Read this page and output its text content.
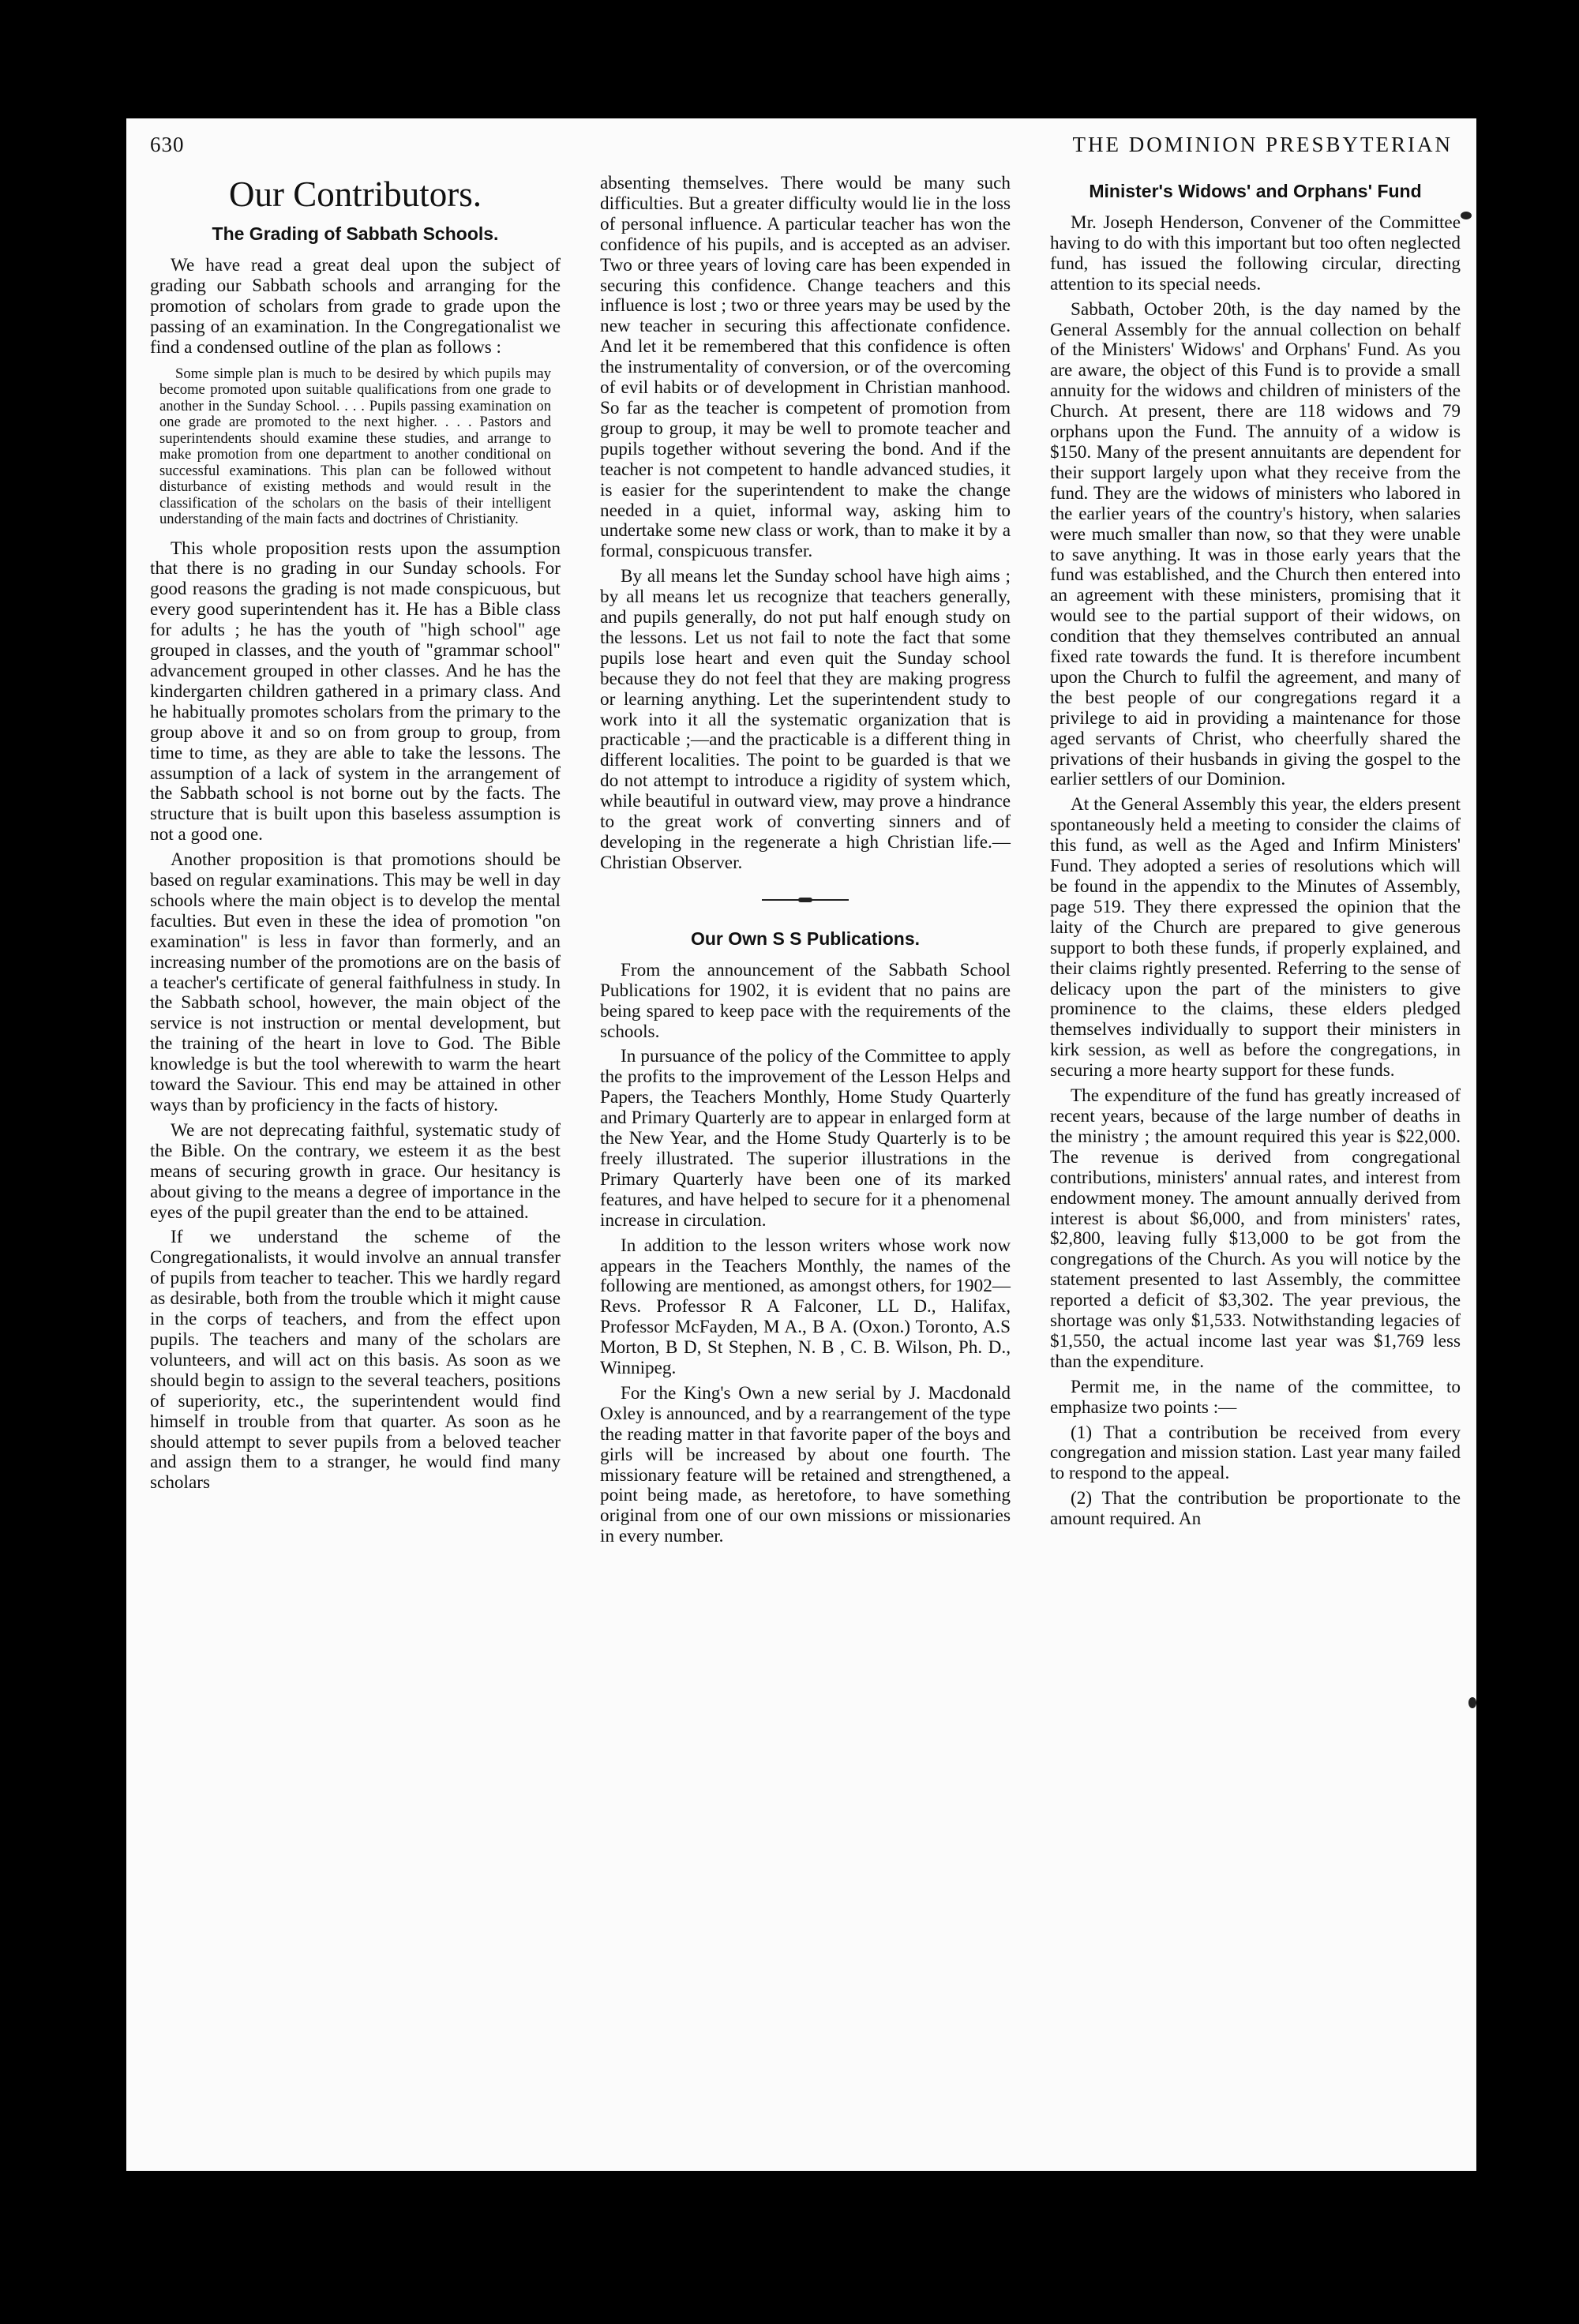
630	THE DOMINION PRESBYTERIAN
Our Contributors.
The Grading of Sabbath Schools.

We have read a great deal upon the subject of grading our Sabbath schools and arranging for the promotion of scholars from grade to grade upon the passing of an examination. In the Congregationalist we find a condensed outline of the plan as follows :

Some simple plan is much to be desired by which pupils may become promoted upon suitable qualifications from one grade to another in the Sunday School. . . . Pupils passing examination on one grade are promoted to the next higher. . . . Pastors and superintendents should examine these studies, and arrange to make promotion from one department to another conditional on successful examinations. This plan can be followed without disturbance of existing methods and would result in the classification of the scholars on the basis of their intelligent understanding of the main facts and doctrines of Christianity.

This whole proposition rests upon the assumption that there is no grading in our Sunday schools. For good reasons the grading is not made conspicuous, but every good superintendent has it. He has a Bible class for adults ; he has the youth of "high school" age grouped in classes, and the youth of "grammar school" advancement grouped in other classes. And he has the kindergarten children gathered in a primary class. And he habitually promotes scholars from the primary to the group above it and so on from group to group, from time to time, as they are able to take the lessons. The assumption of a lack of system in the arrangement of the Sabbath school is not borne out by the facts. The structure that is built upon this baseless assumption is not a good one.

Another proposition is that promotions should be based on regular examinations. This may be well in day schools where the main object is to develop the mental faculties. But even in these the idea of promotion "on examination" is less in favor than formerly, and an increasing number of the promotions are on the basis of a teacher's certificate of general faithfulness in study. In the Sabbath school, however, the main object of the service is not instruction or mental development, but the training of the heart in love to God. The Bible knowledge is but the tool wherewith to warm the heart toward the Saviour. This end may be attained in other ways than by proficiency in the facts of history.

We are not deprecating faithful, systematic study of the Bible. On the contrary, we esteem it as the best means of securing growth in grace. Our hesitancy is about giving to the means a degree of importance in the eyes of the pupil greater than the end to be attained.

If we understand the scheme of the Congregationalists, it would involve an annual transfer of pupils from teacher to teacher. This we hardly regard as desirable, both from the trouble which it might cause in the corps of teachers, and from the effect upon pupils. The teachers and many of the scholars are volunteers, and will act on this basis. As soon as we should begin to assign to the several teachers, positions of superiority, etc., the superintendent would find himself in trouble from that quarter. As soon as he should attempt to sever pupils from a beloved teacher and assign them to a stranger, he would find many scholars

absenting themselves. There would be many such difficulties. But a greater difficulty would lie in the loss of personal influence. A particular teacher has won the confidence of his pupils, and is accepted as an adviser. Two or three years of loving care has been expended in securing this confidence. Change teachers and this influence is lost ; two or three years may be used by the new teacher in securing this affectionate confidence. And let it be remembered that this confidence is often the instrumentality of conversion, or of the overcoming of evil habits or of development in Christian manhood. So far as the teacher is competent of promotion from group to group, it may be well to promote teacher and pupils together without severing the bond. And if the teacher is not competent to handle advanced studies, it is easier for the superintendent to make the change needed in a quiet, informal way, asking him to undertake some new class or work, than to make it by a formal, conspicuous transfer.

By all means let the Sunday school have high aims ; by all means let us recognize that teachers generally, and pupils generally, do not put half enough study on the lessons. Let us not fail to note the fact that some pupils lose heart and even quit the Sunday school because they do not feel that they are making progress or learning anything. Let the superintendent study to work into it all the systematic organization that is practicable ;—and the practicable is a different thing in different localities. The point to be guarded is that we do not attempt to introduce a rigidity of system which, while beautiful in outward view, may prove a hindrance to the great work of converting sinners and of developing in the regenerate a high Christian life.—Christian Observer.

Our Own S S Publications.

From the announcement of the Sabbath School Publications for 1902, it is evident that no pains are being spared to keep pace with the requirements of the schools.

In pursuance of the policy of the Committee to apply the profits to the improvement of the Lesson Helps and Papers, the Teachers Monthly, Home Study Quarterly and Primary Quarterly are to appear in enlarged form at the New Year, and the Home Study Quarterly is to be freely illustrated. The superior illustrations in the Primary Quarterly have been one of its marked features, and have helped to secure for it a phenomenal increase in circulation.

In addition to the lesson writers whose work now appears in the Teachers Monthly, the names of the following are mentioned, as amongst others, for 1902—Revs. Professor R A Falconer, LL D., Halifax, Professor McFayden, M A., B A. (Oxon.) Toronto, A.S Morton, B D, St Stephen, N. B , C. B. Wilson, Ph. D., Winnipeg.

For the King's Own a new serial by J. Macdonald Oxley is announced, and by a rearrangement of the type the reading matter in that favorite paper of the boys and girls will be increased by about one fourth. The missionary feature will be retained and strengthened, a point being made, as heretofore, to have something original from one of our own missions or missionaries in every number.

Minister's Widows' and Orphans' Fund

Mr. Joseph Henderson, Convener of the Committee having to do with this important but too often neglected fund, has issued the following circular, directing attention to its special needs.

Sabbath, October 20th, is the day named by the General Assembly for the annual collection on behalf of the Ministers' Widows' and Orphans' Fund. As you are aware, the object of this Fund is to provide a small annuity for the widows and children of ministers of the Church. At present, there are 118 widows and 79 orphans upon the Fund. The annuity of a widow is $150. Many of the present annuitants are dependent for their support largely upon what they receive from the fund. They are the widows of ministers who labored in the earlier years of the country's history, when salaries were much smaller than now, so that they were unable to save anything. It was in those early years that the fund was established, and the Church then entered into an agreement with these ministers, promising that it would see to the partial support of their widows, on condition that they themselves contributed an annual fixed rate towards the fund. It is therefore incumbent upon the Church to fulfil the agreement, and many of the best people of our congregations regard it a privilege to aid in providing a maintenance for those aged servants of Christ, who cheerfully shared the privations of their husbands in giving the gospel to the earlier settlers of our Dominion.

At the General Assembly this year, the elders present spontaneously held a meeting to consider the claims of this fund, as well as the Aged and Infirm Ministers' Fund. They adopted a series of resolutions which will be found in the appendix to the Minutes of Assembly, page 519. They there expressed the opinion that the laity of the Church are prepared to give generous support to both these funds, if properly explained, and their claims rightly presented. Referring to the sense of delicacy upon the part of the ministers to give prominence to the claims, these elders pledged themselves individually to support their ministers in kirk session, as well as before the congregations, in securing a more hearty support for these funds.

The expenditure of the fund has greatly increased of recent years, because of the large number of deaths in the ministry ; the amount required this year is $22,000. The revenue is derived from congregational contributions, ministers' annual rates, and interest from endowment money. The amount annually derived from interest is about $6,000, and from ministers' rates, $2,800, leaving fully $13,000 to be got from the congregations of the Church. As you will notice by the statement presented to last Assembly, the committee reported a deficit of $3,302. The year previous, the shortage was only $1,533. Notwithstanding legacies of $1,550, the actual income last year was $1,769 less than the expenditure.

Permit me, in the name of the committee, to emphasize two points :—

(1) That a contribution be received from every congregation and mission station. Last year many failed to respond to the appeal.

(2) That the contribution be proportionate to the amount required. An
